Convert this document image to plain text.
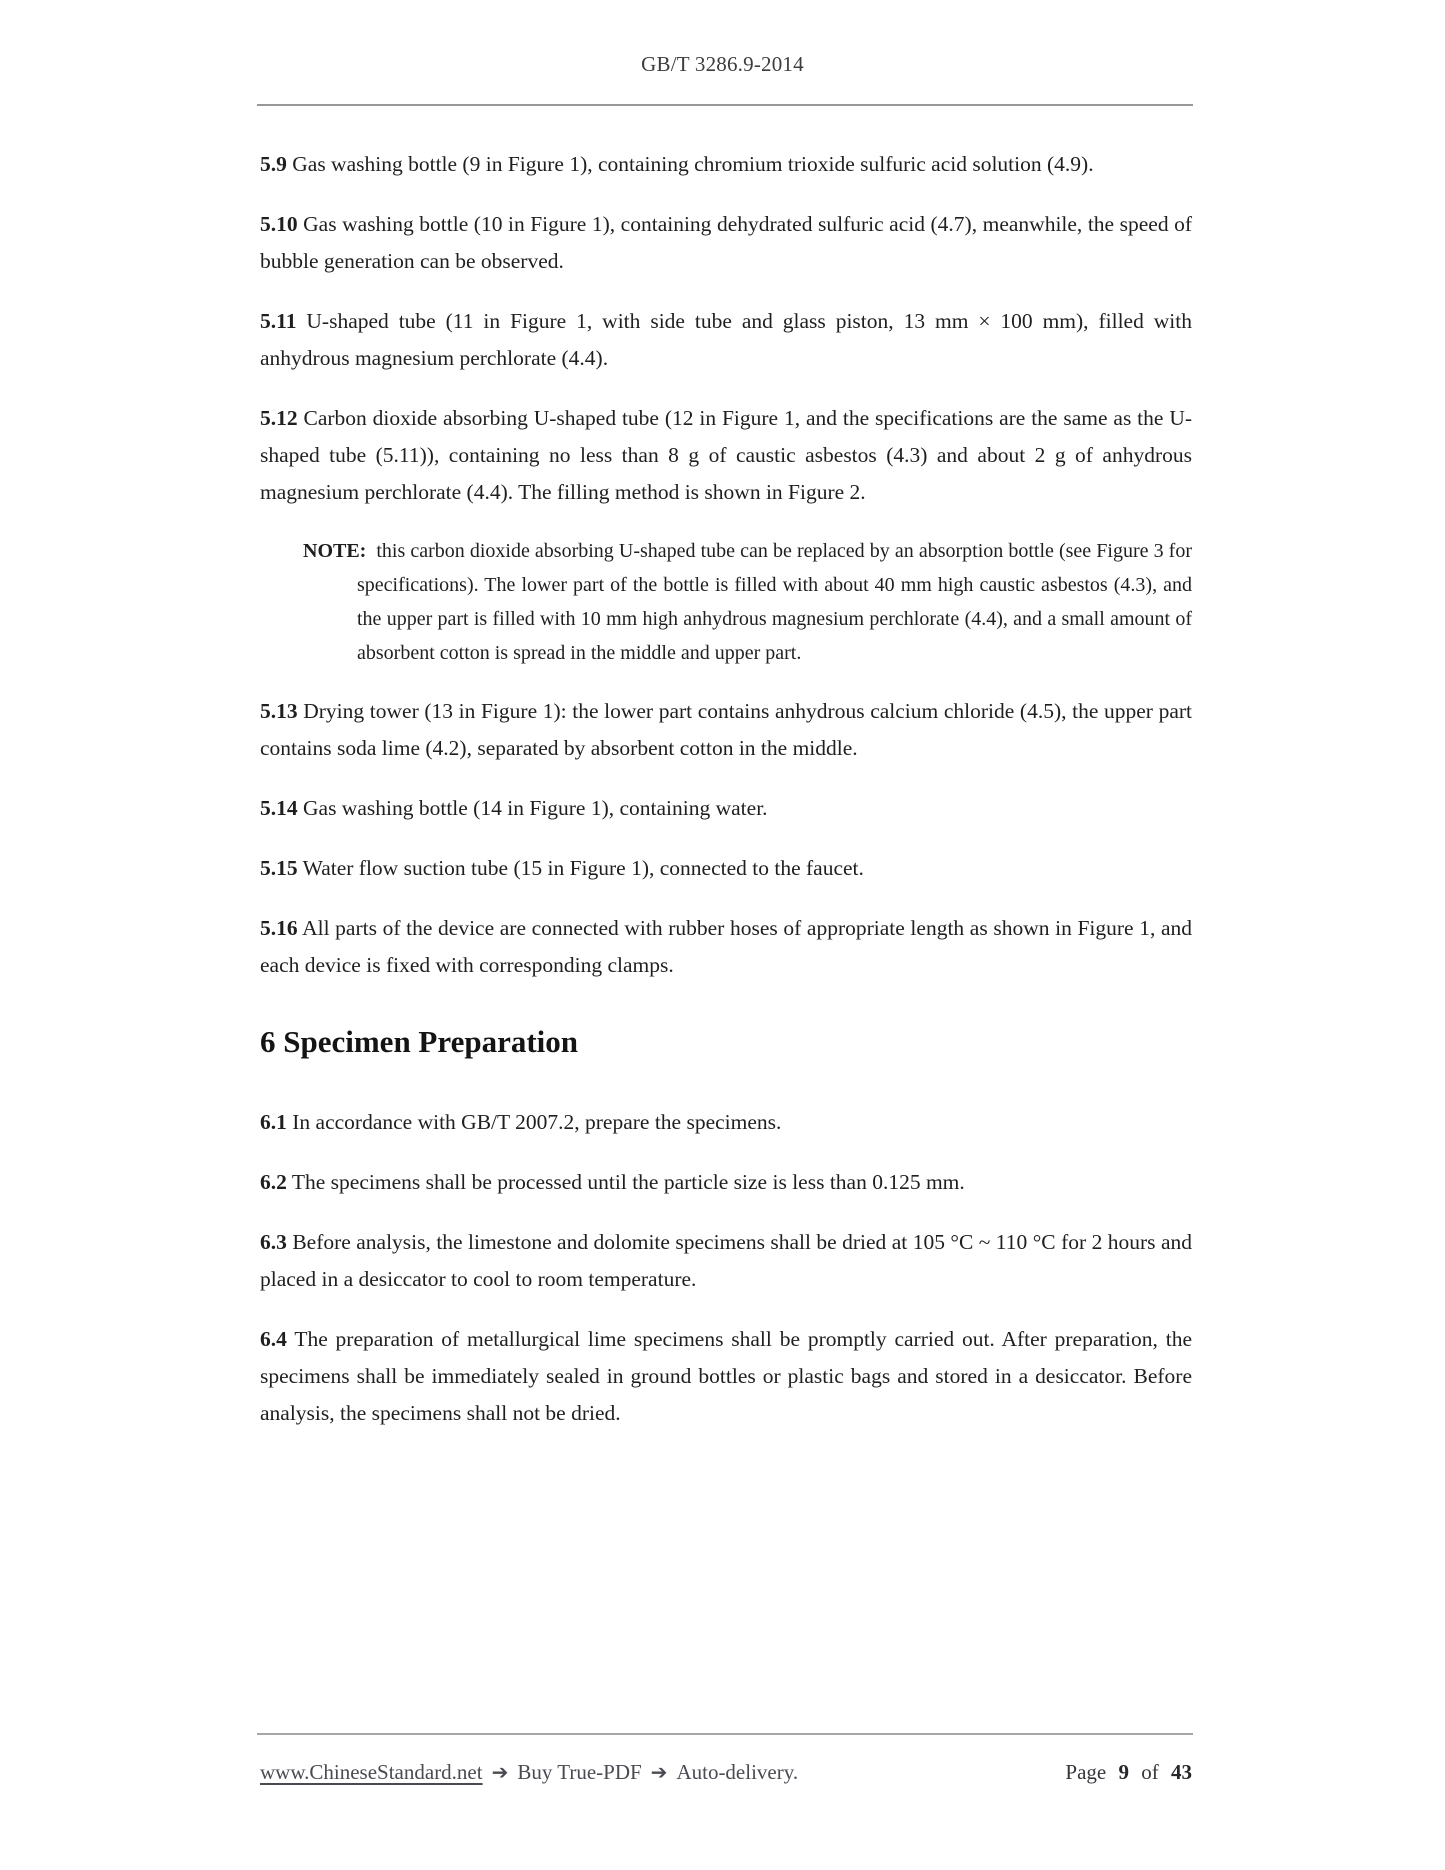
GB/T 3286.9-2014

5.9 Gas washing bottle (9 in Figure 1), containing chromium trioxide sulfuric acid solution (4.9).

5.10 Gas washing bottle (10 in Figure 1), containing dehydrated sulfuric acid (4.7), meanwhile, the speed of bubble generation can be observed.

5.11 U-shaped tube (11 in Figure 1, with side tube and glass piston, 13 mm × 100 mm), filled with anhydrous magnesium perchlorate (4.4).

5.12 Carbon dioxide absorbing U-shaped tube (12 in Figure 1, and the specifications are the same as the U-shaped tube (5.11)), containing no less than 8 g of caustic asbestos (4.3) and about 2 g of anhydrous magnesium perchlorate (4.4). The filling method is shown in Figure 2.

NOTE: this carbon dioxide absorbing U-shaped tube can be replaced by an absorption bottle (see Figure 3 for specifications). The lower part of the bottle is filled with about 40 mm high caustic asbestos (4.3), and the upper part is filled with 10 mm high anhydrous magnesium perchlorate (4.4), and a small amount of absorbent cotton is spread in the middle and upper part.

5.13 Drying tower (13 in Figure 1): the lower part contains anhydrous calcium chloride (4.5), the upper part contains soda lime (4.2), separated by absorbent cotton in the middle.

5.14 Gas washing bottle (14 in Figure 1), containing water.

5.15 Water flow suction tube (15 in Figure 1), connected to the faucet.

5.16 All parts of the device are connected with rubber hoses of appropriate length as shown in Figure 1, and each device is fixed with corresponding clamps.

6 Specimen Preparation

6.1 In accordance with GB/T 2007.2, prepare the specimens.

6.2 The specimens shall be processed until the particle size is less than 0.125 mm.

6.3 Before analysis, the limestone and dolomite specimens shall be dried at 105 °C ~ 110 °C for 2 hours and placed in a desiccator to cool to room temperature.

6.4 The preparation of metallurgical lime specimens shall be promptly carried out. After preparation, the specimens shall be immediately sealed in ground bottles or plastic bags and stored in a desiccator. Before analysis, the specimens shall not be dried.

www.ChineseStandard.net ➔ Buy True-PDF ➔ Auto-delivery.	Page 9 of 43
